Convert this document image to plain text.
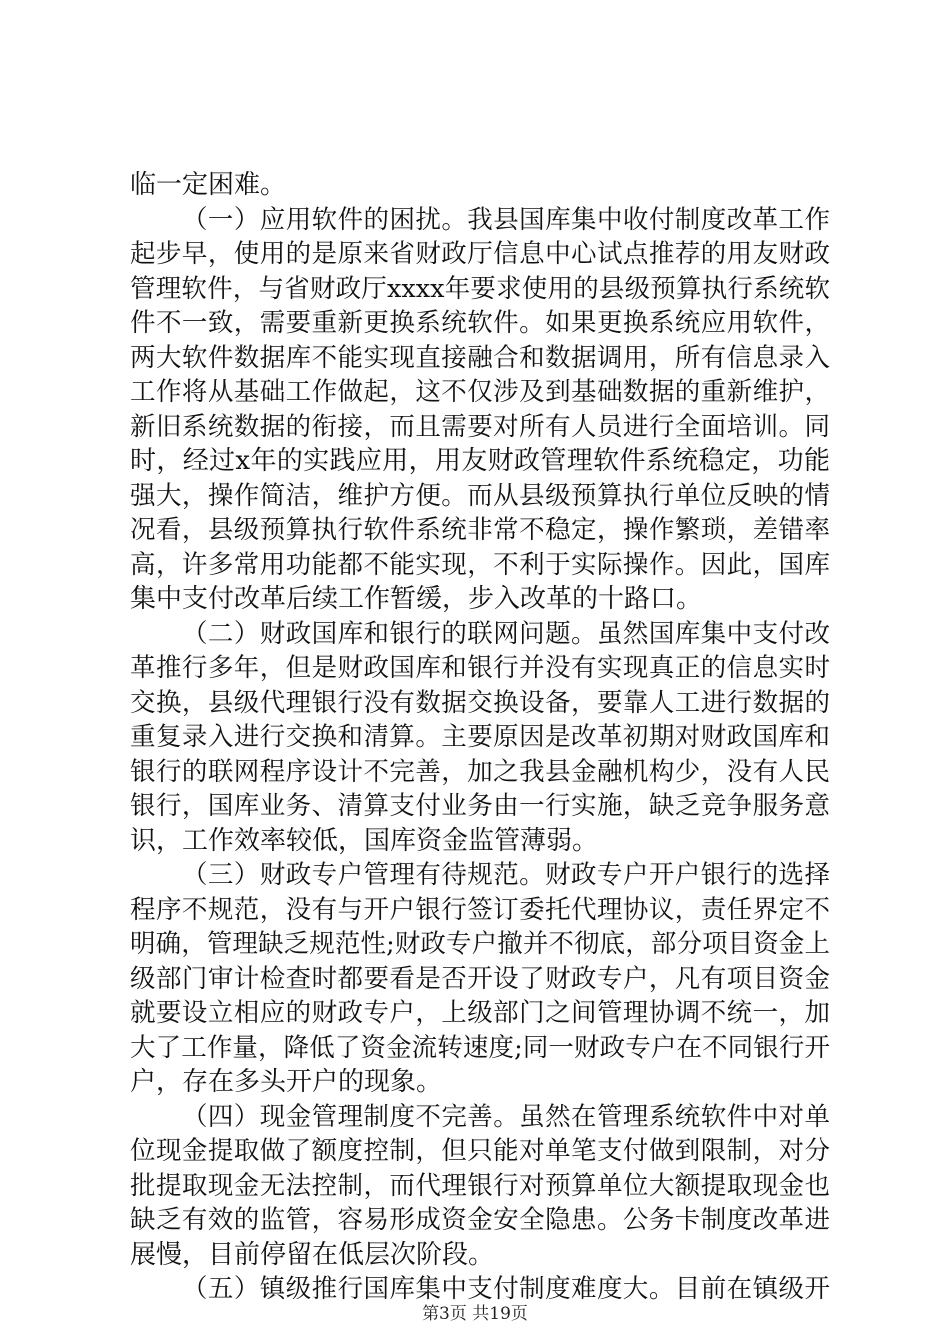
临一定困难。
（一）应用软件的困扰。我县国库集中收付制度改革工作
起步早，使用的是原来省财政厅信息中心试点推荐的用友财政
管理软件，与省财政厅xxxx年要求使用的县级预算执行系统软
件不一致，需要重新更换系统软件。如果更换系统应用软件，
两大软件数据库不能实现直接融合和数据调用，所有信息录入
工作将从基础工作做起，这不仅涉及到基础数据的重新维护，
新旧系统数据的衔接，而且需要对所有人员进行全面培训。同
时，经过x年的实践应用，用友财政管理软件系统稳定，功能
强大，操作简洁，维护方便。而从县级预算执行单位反映的情
况看，县级预算执行软件系统非常不稳定，操作繁琐，差错率
高，许多常用功能都不能实现，不利于实际操作。因此，国库
集中支付改革后续工作暂缓，步入改革的十路口。
（二）财政国库和银行的联网问题。虽然国库集中支付改
革推行多年，但是财政国库和银行并没有实现真正的信息实时
交换，县级代理银行没有数据交换设备，要靠人工进行数据的
重复录入进行交换和清算。主要原因是改革初期对财政国库和
银行的联网程序设计不完善，加之我县金融机构少，没有人民
银行，国库业务、清算支付业务由一行实施，缺乏竞争服务意
识，工作效率较低，国库资金监管薄弱。
（三）财政专户管理有待规范。财政专户开户银行的选择
程序不规范，没有与开户银行签订委托代理协议，责任界定不
明确，管理缺乏规范性;财政专户撤并不彻底，部分项目资金上
级部门审计检查时都要看是否开设了财政专户，凡有项目资金
就要设立相应的财政专户，上级部门之间管理协调不统一，加
大了工作量，降低了资金流转速度;同一财政专户在不同银行开
户，存在多头开户的现象。
（四）现金管理制度不完善。虽然在管理系统软件中对单
位现金提取做了额度控制，但只能对单笔支付做到限制，对分
批提取现金无法控制，而代理银行对预算单位大额提取现金也
缺乏有效的监管，容易形成资金安全隐患。公务卡制度改革进
展慢，目前停留在低层次阶段。
（五）镇级推行国库集中支付制度难度大。目前在镇级开
第3页 共19页
